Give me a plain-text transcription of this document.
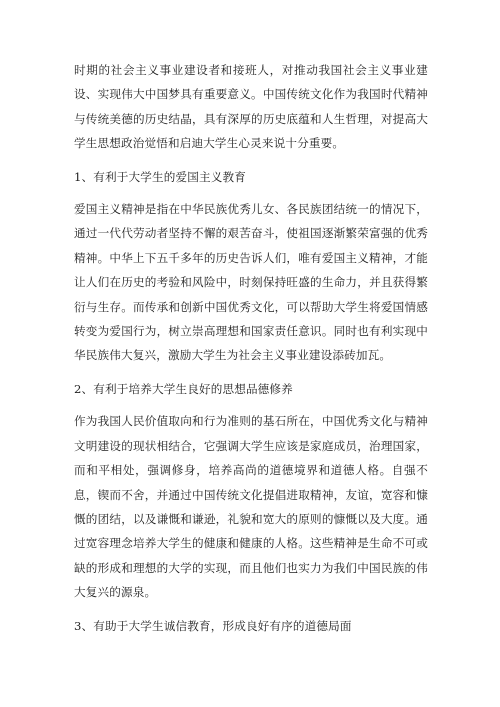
时期的社会主义事业建设者和接班人，对推动我国社会主义事业建设、实现伟大中国梦具有重要意义。中国传统文化作为我国时代精神与传统美德的历史结晶，具有深厚的历史底蕴和人生哲理，对提高大学生思想政治觉悟和启迪大学生心灵来说十分重要。

1、有利于大学生的爱国主义教育

爱国主义精神是指在中华民族优秀儿女、各民族团结统一的情况下，通过一代代劳动者坚持不懈的艰苦奋斗，使祖国逐渐繁荣富强的优秀精神。中华上下五千多年的历史告诉人们，唯有爱国主义精神，才能让人们在历史的考验和风险中，时刻保持旺盛的生命力，并且获得繁衍与生存。而传承和创新中国优秀文化，可以帮助大学生将爱国情感转变为爱国行为，树立崇高理想和国家责任意识。同时也有利实现中华民族伟大复兴，激励大学生为社会主义事业建设添砖加瓦。

2、有利于培养大学生良好的思想品德修养

作为我国人民价值取向和行为准则的基石所在，中国优秀文化与精神文明建设的现状相结合，它强调大学生应该是家庭成员，治理国家，而和平相处，强调修身，培养高尚的道德境界和道德人格。自强不息，锲而不舍，并通过中国传统文化提倡进取精神，友谊，宽容和慷慨的团结，以及谦慨和谦逊，礼貌和宽大的原则的慷慨以及大度。通过宽容理念培养大学生的健康和健康的人格。这些精神是生命不可或缺的形成和理想的大学的实现，而且他们也实力为我们中国民族的伟大复兴的源泉。

3、有助于大学生诚信教育，形成良好有序的道德局面
